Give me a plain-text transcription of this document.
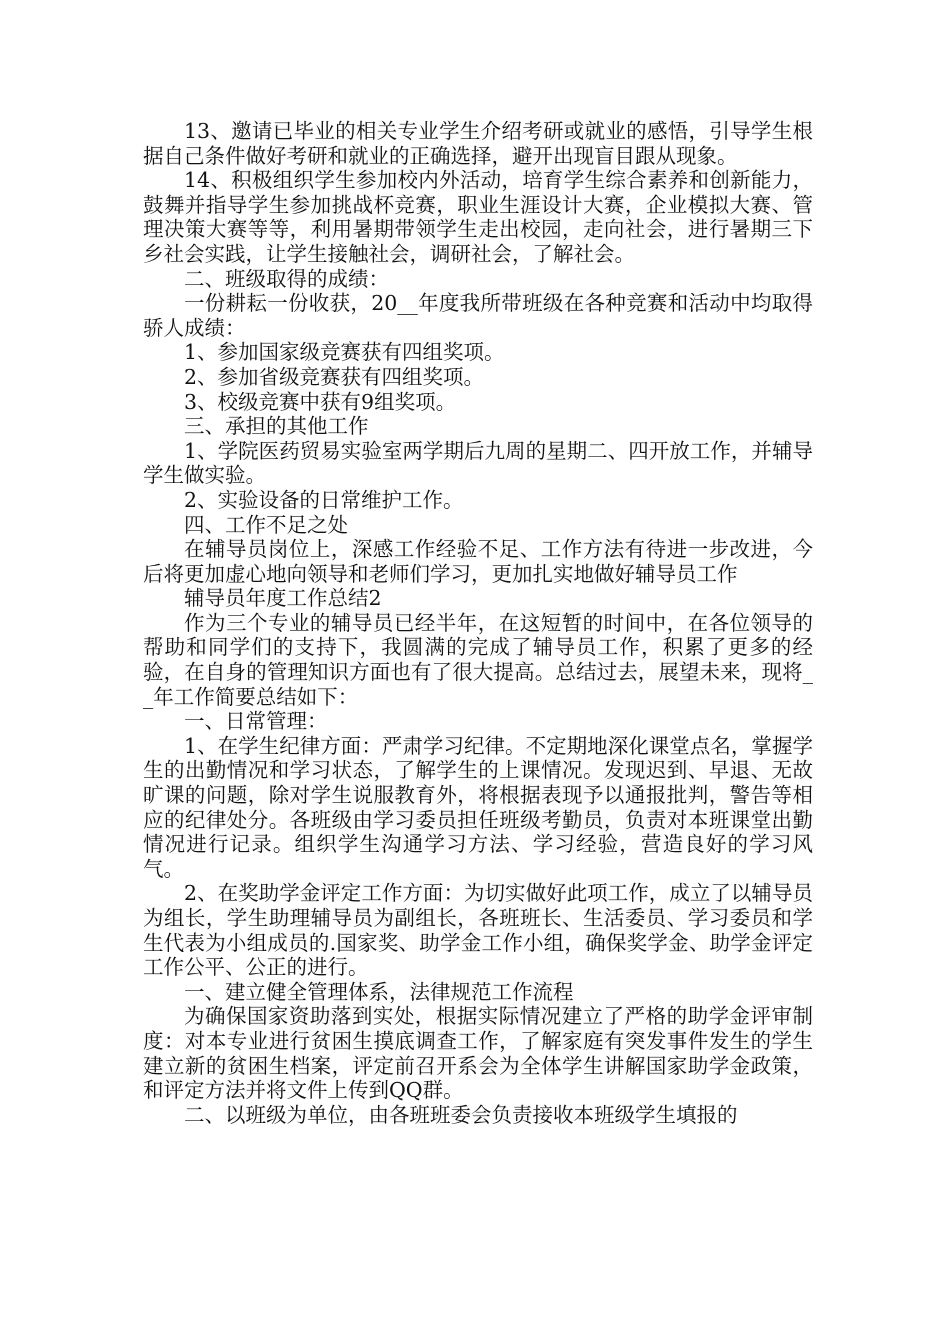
13、邀请已毕业的相关专业学生介绍考研或就业的感悟，引导学生根据自己条件做好考研和就业的正确选择，避开出现盲目跟从现象。

14、积极组织学生参加校内外活动，培育学生综合素养和创新能力，鼓舞并指导学生参加挑战杯竞赛，职业生涯设计大赛，企业模拟大赛、管理决策大赛等等，利用暑期带领学生走出校园，走向社会，进行暑期三下乡社会实践，让学生接触社会，调研社会，了解社会。

二、班级取得的成绩：

一份耕耘一份收获，20__年度我所带班级在各种竞赛和活动中均取得骄人成绩：

1、参加国家级竞赛获有四组奖项。

2、参加省级竞赛获有四组奖项。

3、校级竞赛中获有9组奖项。

三、承担的其他工作

1、学院医药贸易实验室两学期后九周的星期二、四开放工作，并辅导学生做实验。

2、实验设备的日常维护工作。

四、工作不足之处

在辅导员岗位上，深感工作经验不足、工作方法有待进一步改进，今后将更加虚心地向领导和老师们学习，更加扎实地做好辅导员工作

辅导员年度工作总结2

作为三个专业的辅导员已经半年，在这短暂的时间中，在各位领导的帮助和同学们的支持下，我圆满的完成了辅导员工作，积累了更多的经验，在自身的管理知识方面也有了很大提高。总结过去，展望未来，现将__年工作简要总结如下：

一、日常管理：

1、在学生纪律方面：严肃学习纪律。不定期地深化课堂点名，掌握学生的出勤情况和学习状态，了解学生的上课情况。发现迟到、早退、无故旷课的问题，除对学生说服教育外，将根据表现予以通报批判，警告等相应的纪律处分。各班级由学习委员担任班级考勤员，负责对本班课堂出勤情况进行记录。组织学生沟通学习方法、学习经验，营造良好的学习风气。

2、在奖助学金评定工作方面：为切实做好此项工作，成立了以辅导员为组长，学生助理辅导员为副组长，各班班长、生活委员、学习委员和学生代表为小组成员的.国家奖、助学金工作小组，确保奖学金、助学金评定工作公平、公正的进行。

一、建立健全管理体系，法律规范工作流程

为确保国家资助落到实处，根据实际情况建立了严格的助学金评审制度：对本专业进行贫困生摸底调查工作，了解家庭有突发事件发生的学生建立新的贫困生档案，评定前召开系会为全体学生讲解国家助学金政策，和评定方法并将文件上传到QQ群。

二、以班级为单位，由各班班委会负责接收本班级学生填报的
